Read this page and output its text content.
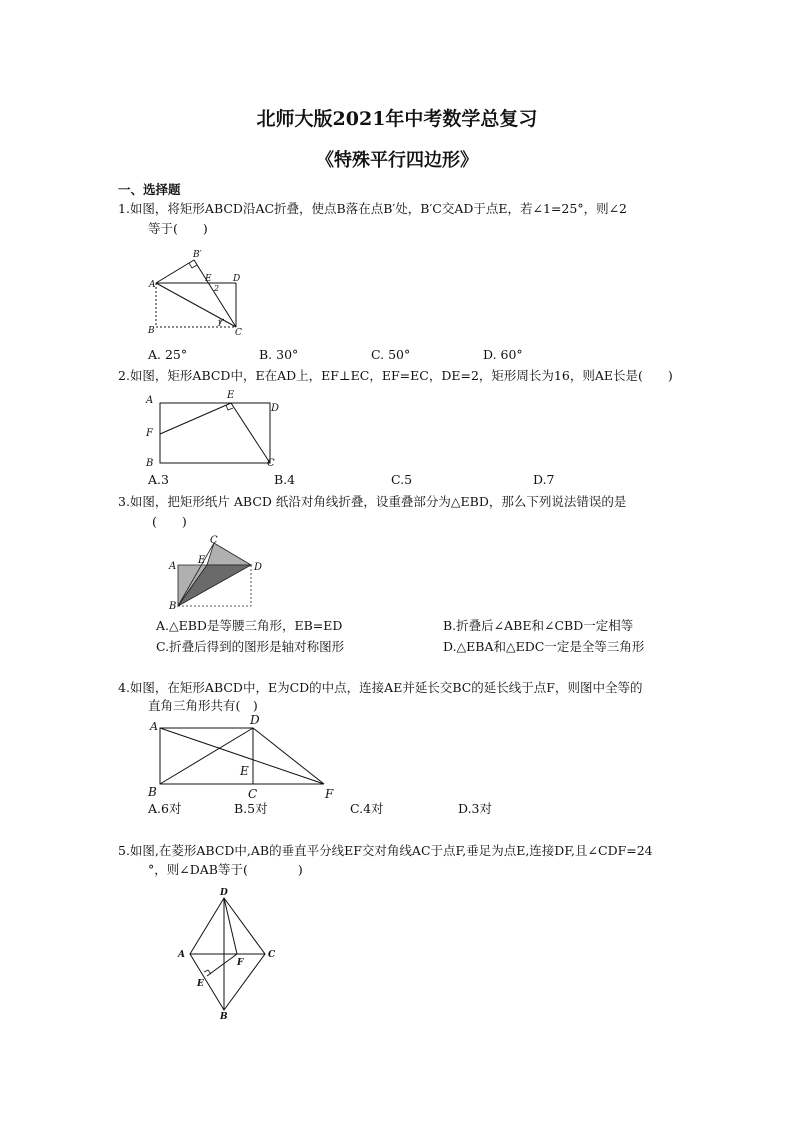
北师大版2021年中考数学总复习
《特殊平行四边形》
一、选择题
1.如图，将矩形ABCD沿AC折叠，使点B落在点B′处，B′C交AD于点E，若∠1=25°，则∠2
等于(　　)
A
B
B′
C
D
E
2
1
A. 25°	B. 30°	C. 50°	D. 60°
2.如图，矩形ABCD中，E在AD上，EF⊥EC，EF=EC，DE=2，矩形周长为16，则AE长是(　　)
A
B	C
D
E
F
A.3	B.4	C.5	D.7
3.如图，把矩形纸片 ABCD 纸沿对角线折叠，设重叠部分为△EBD，那么下列说法错误的是
(　　)
A
B
C
D
E
A.△EBD是等腰三角形，EB=ED	B.折叠后∠ABE和∠CBD一定相等
C.折叠后得到的图形是轴对称图形	D.△EBA和△EDC一定是全等三角形
4.如图，在矩形ABCD中，E为CD的中点，连接AE并延长交BC的延长线于点F，则图中全等的
直角三角形共有(　)
A	D
E
B	C	F
A.6对	B.5对	C.4对	D.3对
5.如图,在菱形ABCD中,AB的垂直平分线EF交对角线AC于点F,垂足为点E,连接DF,且∠CDF=24
°，则∠DAB等于(　　　　)
D
A	C
F
E
B
